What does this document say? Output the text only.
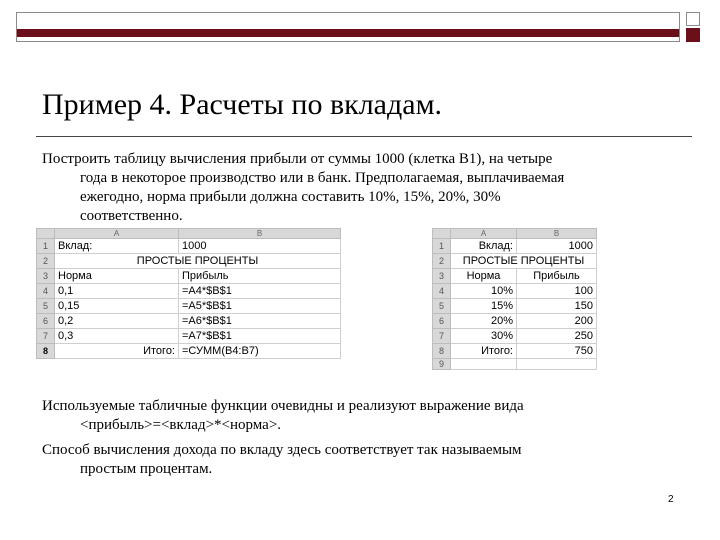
Пример 4. Расчеты по вкладам.
Построить таблицу вычисления прибыли от суммы 1000 (клетка B1), на четыре
года в некоторое производство или в банк. Предполагаемая, выплачиваемая
ежегодно, норма прибыли должна составить 10%, 15%, 20%, 30%
соответственно.
	A	B
1	Вклад:	1000
2	ПРОСТЫЕ ПРОЦЕНТЫ	
3	Норма	Прибыль
4	0,1	=A4*$B$1
5	0,15	=A5*$B$1
6	0,2	=A6*$B$1
7	0,3	=A7*$B$1
8	Итого:	=СУММ(B4:B7)
	A	B
1	Вклад:	1000
2	ПРОСТЫЕ ПРОЦЕНТЫ	
3	Норма	Прибыль
4	10%	100
5	15%	150
6	20%	200
7	30%	250
8	Итого:	750
9		
Используемые табличные функции очевидны и реализуют выражение вида
<прибыль>=<вклад>*<норма>.
Способ вычисления дохода по вкладу здесь соответствует так называемым
простым процентам.
2
